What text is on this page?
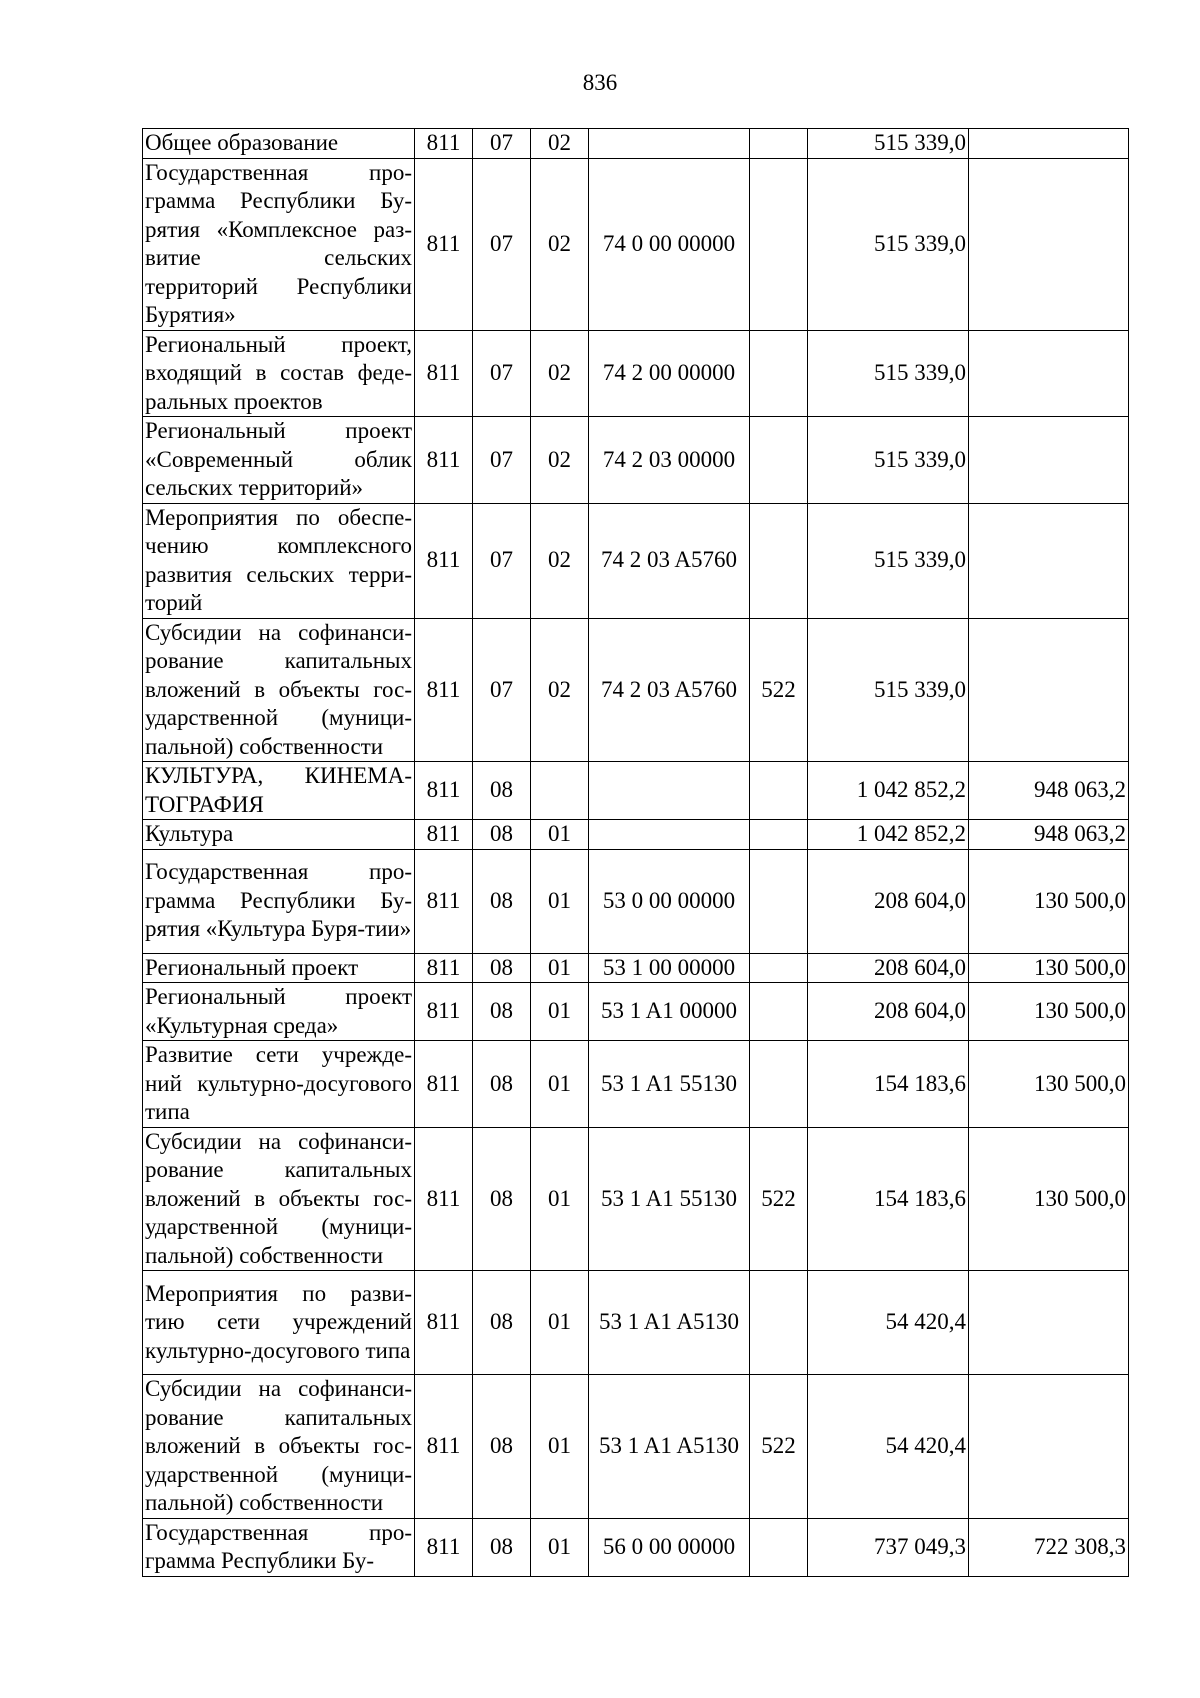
836
Общее образование	811	07	02			515 339,0	
Государственная про-грамма Республики Бу-рятия «Комплексное раз-витие сельских территорий Республики Бурятия»	811	07	02	74 0 00 00000		515 339,0	
Региональный проект, входящий в состав феде-ральных проектов	811	07	02	74 2 00 00000		515 339,0	
Региональный проект «Современный облик сельских территорий»	811	07	02	74 2 03 00000		515 339,0	
Мероприятия по обеспе-чению комплексного развития сельских терри-торий	811	07	02	74 2 03 A5760		515 339,0	
Субсидии на софинанси-рование капитальных вложений в объекты гос-ударственной (муници-пальной) собственности	811	07	02	74 2 03 A5760	522	515 339,0	
КУЛЬТУРА, КИНЕМА-ТОГРАФИЯ	811	08				1 042 852,2	948 063,2
Культура	811	08	01			1 042 852,2	948 063,2
Государственная про-грамма Республики Бу-рятия «Культура Буря-тии»	811	08	01	53 0 00 00000		208 604,0	130 500,0
Региональный проект	811	08	01	53 1 00 00000		208 604,0	130 500,0
Региональный проект «Культурная среда»	811	08	01	53 1 A1 00000		208 604,0	130 500,0
Развитие сети учрежде-ний культурно-досугового типа	811	08	01	53 1 A1 55130		154 183,6	130 500,0
Субсидии на софинанси-рование капитальных вложений в объекты гос-ударственной (муници-пальной) собственности	811	08	01	53 1 A1 55130	522	154 183,6	130 500,0
Мероприятия по разви-тию сети учреждений культурно-досугового типа	811	08	01	53 1 A1 A5130		54 420,4	
Субсидии на софинанси-рование капитальных вложений в объекты гос-ударственной (муници-пальной) собственности	811	08	01	53 1 A1 A5130	522	54 420,4	
Государственная про-грамма Республики Бу-	811	08	01	56 0 00 00000		737 049,3	722 308,3
